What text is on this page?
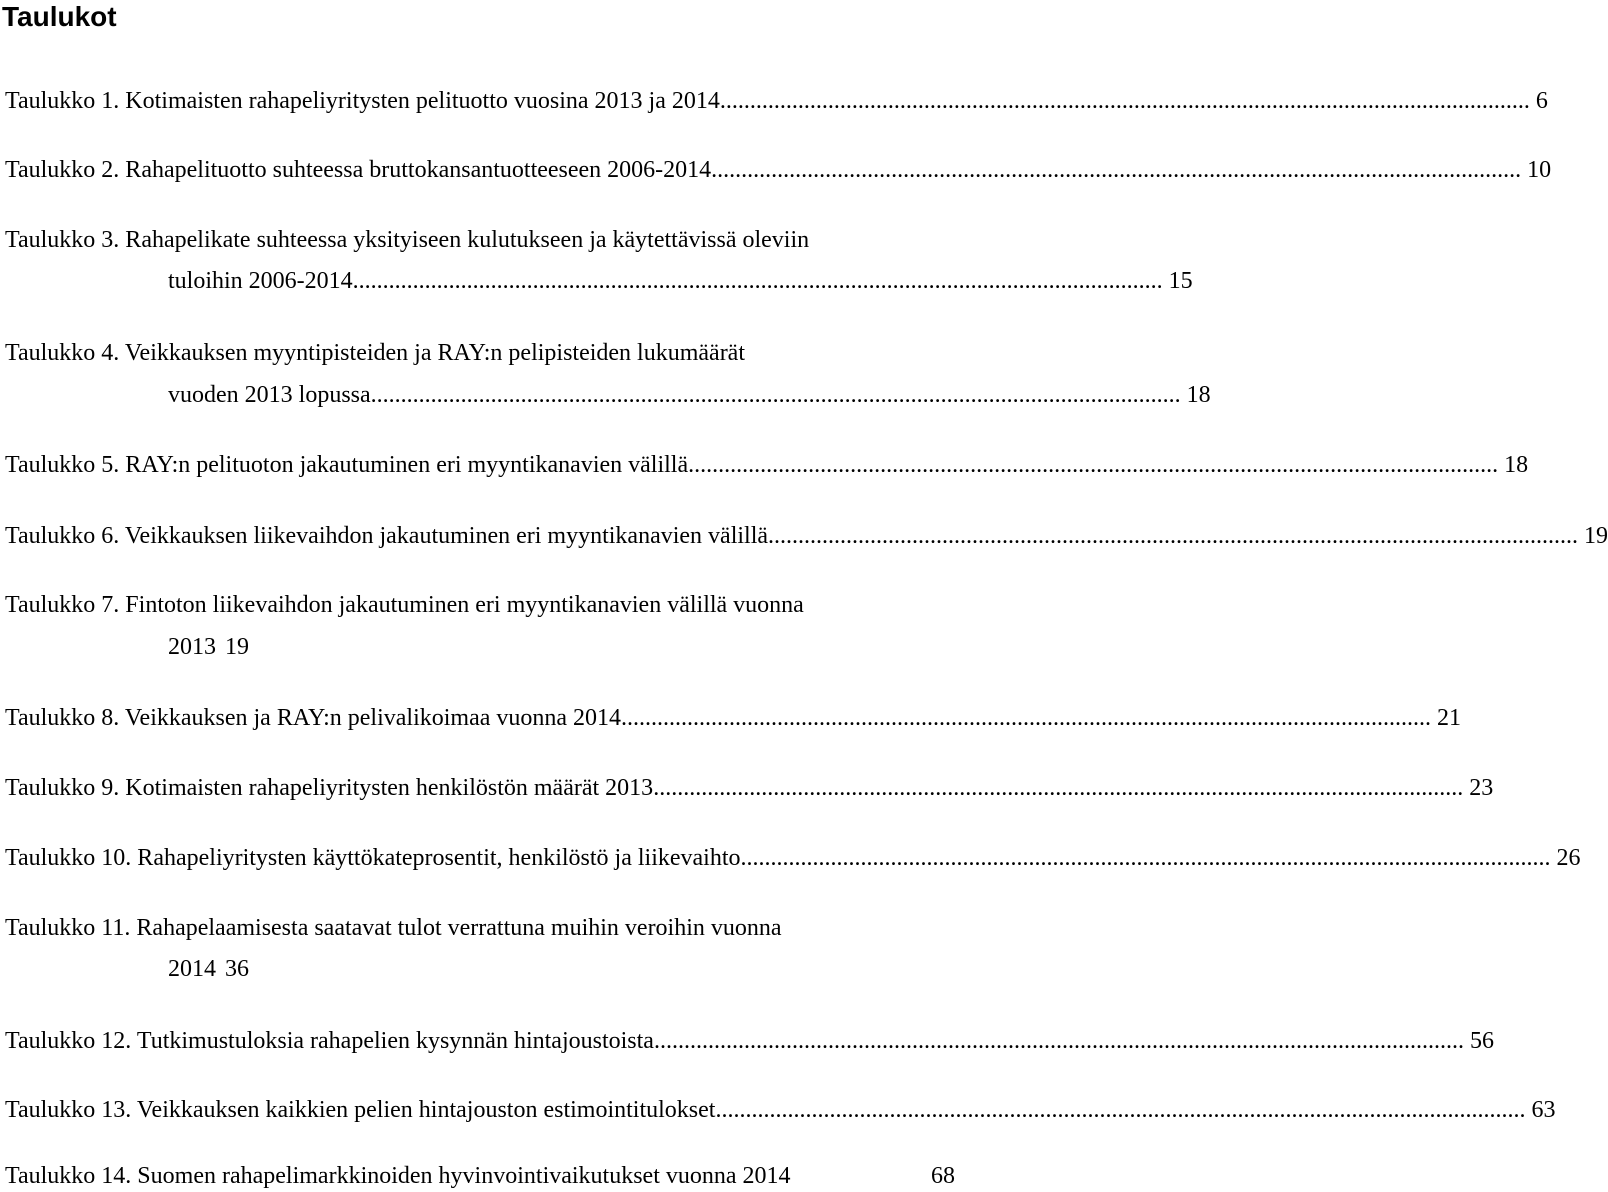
Taulukot
Taulukko 1. Kotimaisten rahapeliyritysten pelituotto vuosina 2013 ja 2014 ....................................................................................................................................... 6
Taulukko 2. Rahapelituotto suhteessa bruttokansantuotteeseen 2006-2014 ....................................................................................................................................... 10
Taulukko 3. Rahapelikate suhteessa yksityiseen kulutukseen ja käytettävissä oleviin
tuloihin 2006-2014 ....................................................................................................................................... 15
Taulukko 4. Veikkauksen myyntipisteiden ja RAY:n pelipisteiden lukumäärät
vuoden 2013 lopussa ....................................................................................................................................... 18
Taulukko 5. RAY:n pelituoton jakautuminen eri myyntikanavien välillä ....................................................................................................................................... 18
Taulukko 6. Veikkauksen liikevaihdon jakautuminen eri myyntikanavien välillä ....................................................................................................................................... 19
Taulukko 7. Fintoton liikevaihdon jakautuminen eri myyntikanavien välillä vuonna
2013 19
Taulukko 8. Veikkauksen ja RAY:n pelivalikoimaa vuonna 2014 ....................................................................................................................................... 21
Taulukko 9. Kotimaisten rahapeliyritysten henkilöstön määrät 2013 ....................................................................................................................................... 23
Taulukko 10. Rahapeliyritysten käyttökateprosentit, henkilöstö ja liikevaihto ....................................................................................................................................... 26
Taulukko 11. Rahapelaamisesta saatavat tulot verrattuna muihin veroihin vuonna
2014 36
Taulukko 12. Tutkimustuloksia rahapelien kysynnän hintajoustoista ....................................................................................................................................... 56
Taulukko 13. Veikkauksen kaikkien pelien hintajouston estimointitulokset ....................................................................................................................................... 63
Taulukko 14. Suomen rahapelimarkkinoiden hyvinvointivaikutukset vuonna 2014	68
